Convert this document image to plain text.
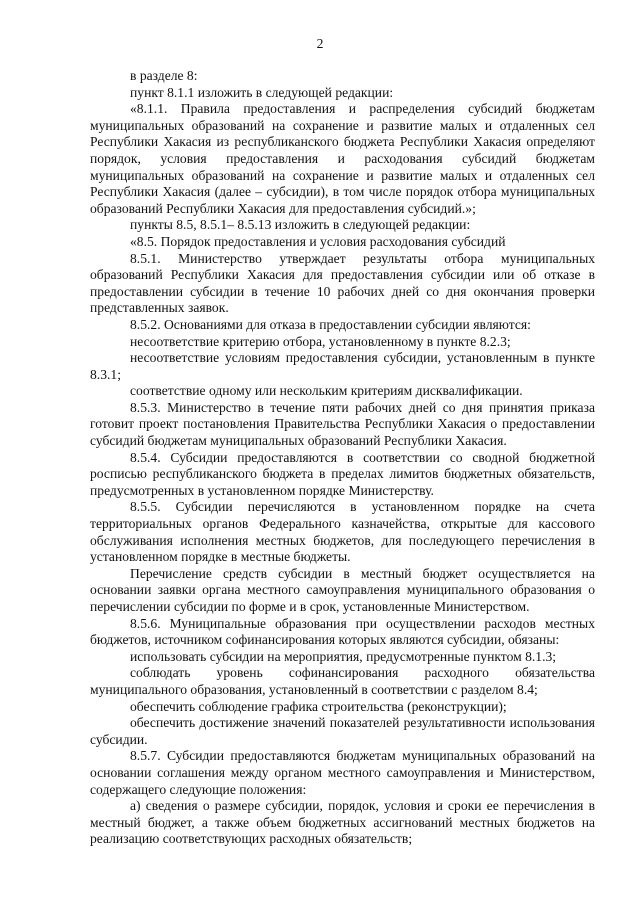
2

в разделе 8:

пункт 8.1.1 изложить в следующей редакции:

«8.1.1. Правила предоставления и распределения субсидий бюджетам муниципальных образований на сохранение и развитие малых и отдаленных сел Республики Хакасия из республиканского бюджета Республики Хакасия определяют порядок, условия предоставления и расходования субсидий бюджетам муниципальных образований на сохранение и развитие малых и отдаленных сел Республики Хакасия (далее – субсидии), в том числе порядок отбора муниципальных образований Республики Хакасия для предоставления субсидий.»;

пункты 8.5, 8.5.1– 8.5.13 изложить в следующей редакции:

«8.5. Порядок предоставления и условия расходования субсидий

8.5.1. Министерство утверждает результаты отбора муниципальных образований Республики Хакасия для предоставления субсидии или об отказе в предоставлении субсидии в течение 10 рабочих дней со дня окончания проверки представленных заявок.

8.5.2. Основаниями для отказа в предоставлении субсидии являются:

несоответствие критерию отбора, установленному в пункте 8.2.3;

несоответствие условиям предоставления субсидии, установленным в пункте 8.3.1;

соответствие одному или нескольким критериям дисквалификации.

8.5.3. Министерство в течение пяти рабочих дней со дня принятия приказа готовит проект постановления Правительства Республики Хакасия о предоставлении субсидий бюджетам муниципальных образований Республики Хакасия.

8.5.4. Субсидии предоставляются в соответствии со сводной бюджетной росписью республиканского бюджета в пределах лимитов бюджетных обязательств, предусмотренных в установленном порядке Министерству.

8.5.5. Субсидии перечисляются в установленном порядке на счета территориальных органов Федерального казначейства, открытые для кассового обслуживания исполнения местных бюджетов, для последующего перечисления в установленном порядке в местные бюджеты.

Перечисление средств субсидии в местный бюджет осуществляется на основании заявки органа местного самоуправления муниципального образования о перечислении субсидии по форме и в срок, установленные Министерством.

8.5.6. Муниципальные образования при осуществлении расходов местных бюджетов, источником софинансирования которых являются субсидии, обязаны:

использовать субсидии на мероприятия, предусмотренные пунктом 8.1.3;

соблюдать уровень софинансирования расходного обязательства муниципального образования, установленный в соответствии с разделом 8.4;

обеспечить соблюдение графика строительства (реконструкции);

обеспечить достижение значений показателей результативности использования субсидии.

8.5.7. Субсидии предоставляются бюджетам муниципальных образований на основании соглашения между органом местного самоуправления и Министерством, содержащего следующие положения:

а) сведения о размере субсидии, порядок, условия и сроки ее перечисления в местный бюджет, а также объем бюджетных ассигнований местных бюджетов на реализацию соответствующих расходных обязательств;
